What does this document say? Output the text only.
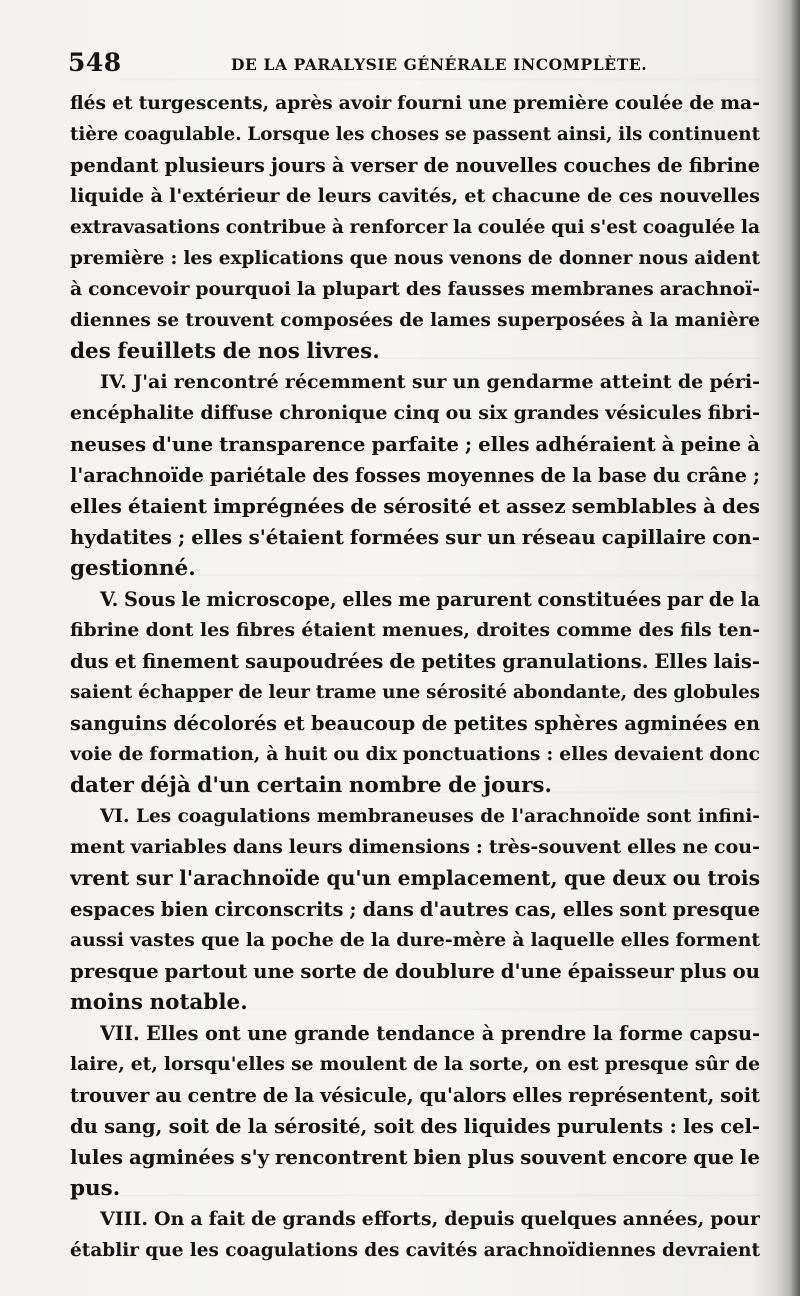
548	DE LA PARALYSIE GÉNÉRALE INCOMPLÈTE.
flés et turgescents, après avoir fourni une première coulée de ma-
tière coagulable. Lorsque les choses se passent ainsi, ils continuent
pendant plusieurs jours à verser de nouvelles couches de fibrine
liquide à l'extérieur de leurs cavités, et chacune de ces nouvelles
extravasations contribue à renforcer la coulée qui s'est coagulée la
première : les explications que nous venons de donner nous aident
à concevoir pourquoi la plupart des fausses membranes arachnoï-
diennes se trouvent composées de lames superposées à la manière
des feuillets de nos livres.
IV. J'ai rencontré récemment sur un gendarme atteint de péri-
encéphalite diffuse chronique cinq ou six grandes vésicules fibri-
neuses d'une transparence parfaite ; elles adhéraient à peine à
l'arachnoïde pariétale des fosses moyennes de la base du crâne ;
elles étaient imprégnées de sérosité et assez semblables à des
hydatites ; elles s'étaient formées sur un réseau capillaire con-
gestionné.
V. Sous le microscope, elles me parurent constituées par de la
fibrine dont les fibres étaient menues, droites comme des fils ten-
dus et finement saupoudrées de petites granulations. Elles lais-
saient échapper de leur trame une sérosité abondante, des globules
sanguins décolorés et beaucoup de petites sphères agminées en
voie de formation, à huit ou dix ponctuations : elles devaient donc
dater déjà d'un certain nombre de jours.
VI. Les coagulations membraneuses de l'arachnoïde sont infini-
ment variables dans leurs dimensions : très-souvent elles ne cou-
vrent sur l'arachnoïde qu'un emplacement, que deux ou trois
espaces bien circonscrits ; dans d'autres cas, elles sont presque
aussi vastes que la poche de la dure-mère à laquelle elles forment
presque partout une sorte de doublure d'une épaisseur plus ou
moins notable.
VII. Elles ont une grande tendance à prendre la forme capsu-
laire, et, lorsqu'elles se moulent de la sorte, on est presque sûr de
trouver au centre de la vésicule, qu'alors elles représentent, soit
du sang, soit de la sérosité, soit des liquides purulents : les cel-
lules agminées s'y rencontrent bien plus souvent encore que le
pus.
VIII. On a fait de grands efforts, depuis quelques années, pour
établir que les coagulations des cavités arachnoïdiennes devraient
